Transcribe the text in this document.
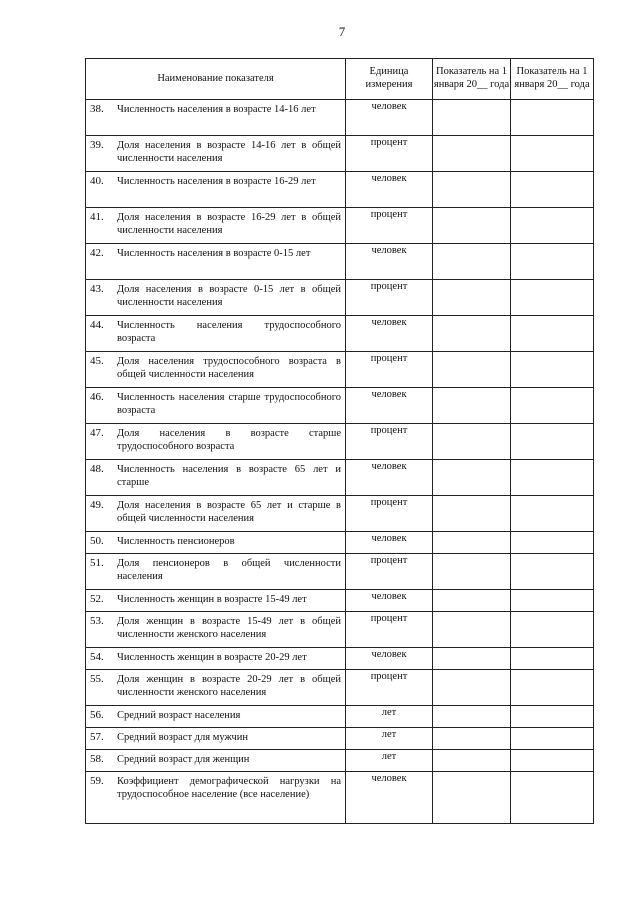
7
Наименование показателя	Единица измерения	Показатель на 1 января 20__ года	Показатель на 1 января 20__ года

38. Численность населения в возрасте 14-16 лет	человек		

39. Доля населения в возрасте 14-16 лет в общей численности населения	процент		

40. Численность населения в возрасте 16-29 лет	человек		

41. Доля населения в возрасте 16-29 лет в общей численности населения	процент		

42. Численность населения в возрасте 0-15 лет	человек		

43. Доля населения в возрасте 0-15 лет в общей численности населения	процент		

44. Численность населения трудоспособного возраста	человек		

45. Доля населения трудоспособного возраста в общей численности населения	процент		

46. Численность населения старше трудоспособного возраста	человек		

47. Доля населения в возрасте старше трудоспособного возраста	процент		

48. Численность населения в возрасте 65 лет и старше	человек		

49. Доля населения в возрасте 65 лет и старше в общей численности населения	процент		

50. Численность пенсионеров	человек		

51. Доля пенсионеров в общей численности населения	процент		

52. Численность женщин в возрасте 15-49 лет	человек		

53. Доля женщин в возрасте 15-49 лет в общей численности женского населения	процент		

54. Численность женщин в возрасте 20-29 лет	человек		

55. Доля женщин в возрасте 20-29 лет в общей численности женского населения	процент		

56. Средний возраст населения	лет		

57. Средний возраст для мужчин	лет		

58. Средний возраст для женщин	лет		

59. Коэффициент демографической нагрузки на трудоспособное население (все население)	человек		
